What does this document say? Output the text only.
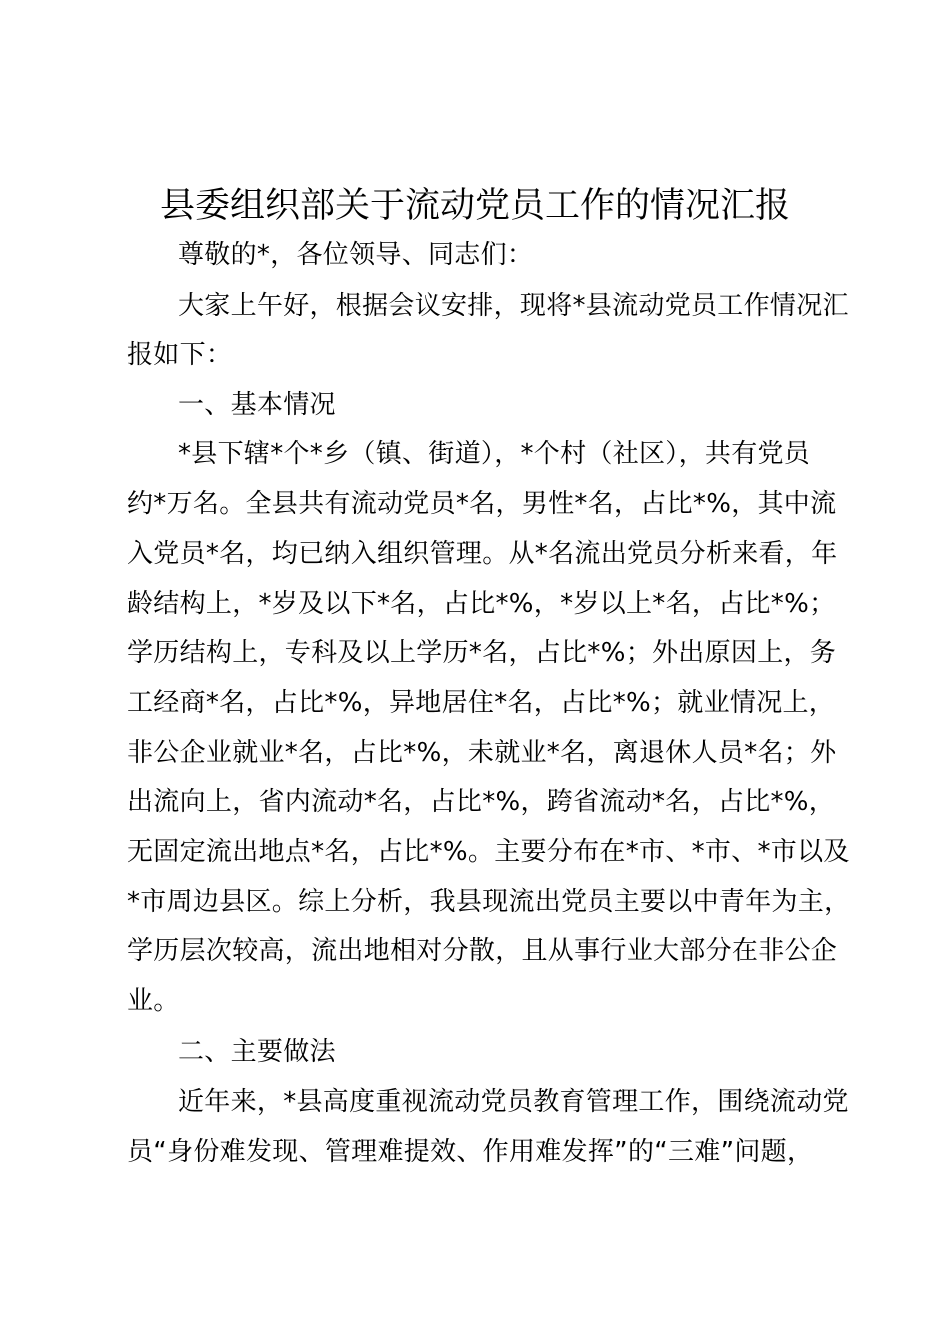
县委组织部关于流动党员工作的情况汇报
尊敬的*，各位领导、同志们：
大家上午好，根据会议安排，现将*县流动党员工作情况汇
报如下：
一、基本情况
*县下辖*个*乡（镇、街道），*个村（社区），共有党员
约*万名。全县共有流动党员*名，男性*名，占比*%，其中流
入党员*名，均已纳入组织管理。从*名流出党员分析来看，年
龄结构上，*岁及以下*名，占比*%，*岁以上*名，占比*%；
学历结构上，专科及以上学历*名，占比*%；外出原因上，务
工经商*名，占比*%，异地居住*名，占比*%；就业情况上，
非公企业就业*名，占比*%，未就业*名，离退休人员*名；外
出流向上，省内流动*名，占比*%，跨省流动*名，占比*%，
无固定流出地点*名，占比*%。主要分布在*市、*市、*市以及
*市周边县区。综上分析，我县现流出党员主要以中青年为主，
学历层次较高，流出地相对分散，且从事行业大部分在非公企
业。
二、主要做法
近年来，*县高度重视流动党员教育管理工作，围绕流动党
员“身份难发现、管理难提效、作用难发挥”的“三难”问题，
